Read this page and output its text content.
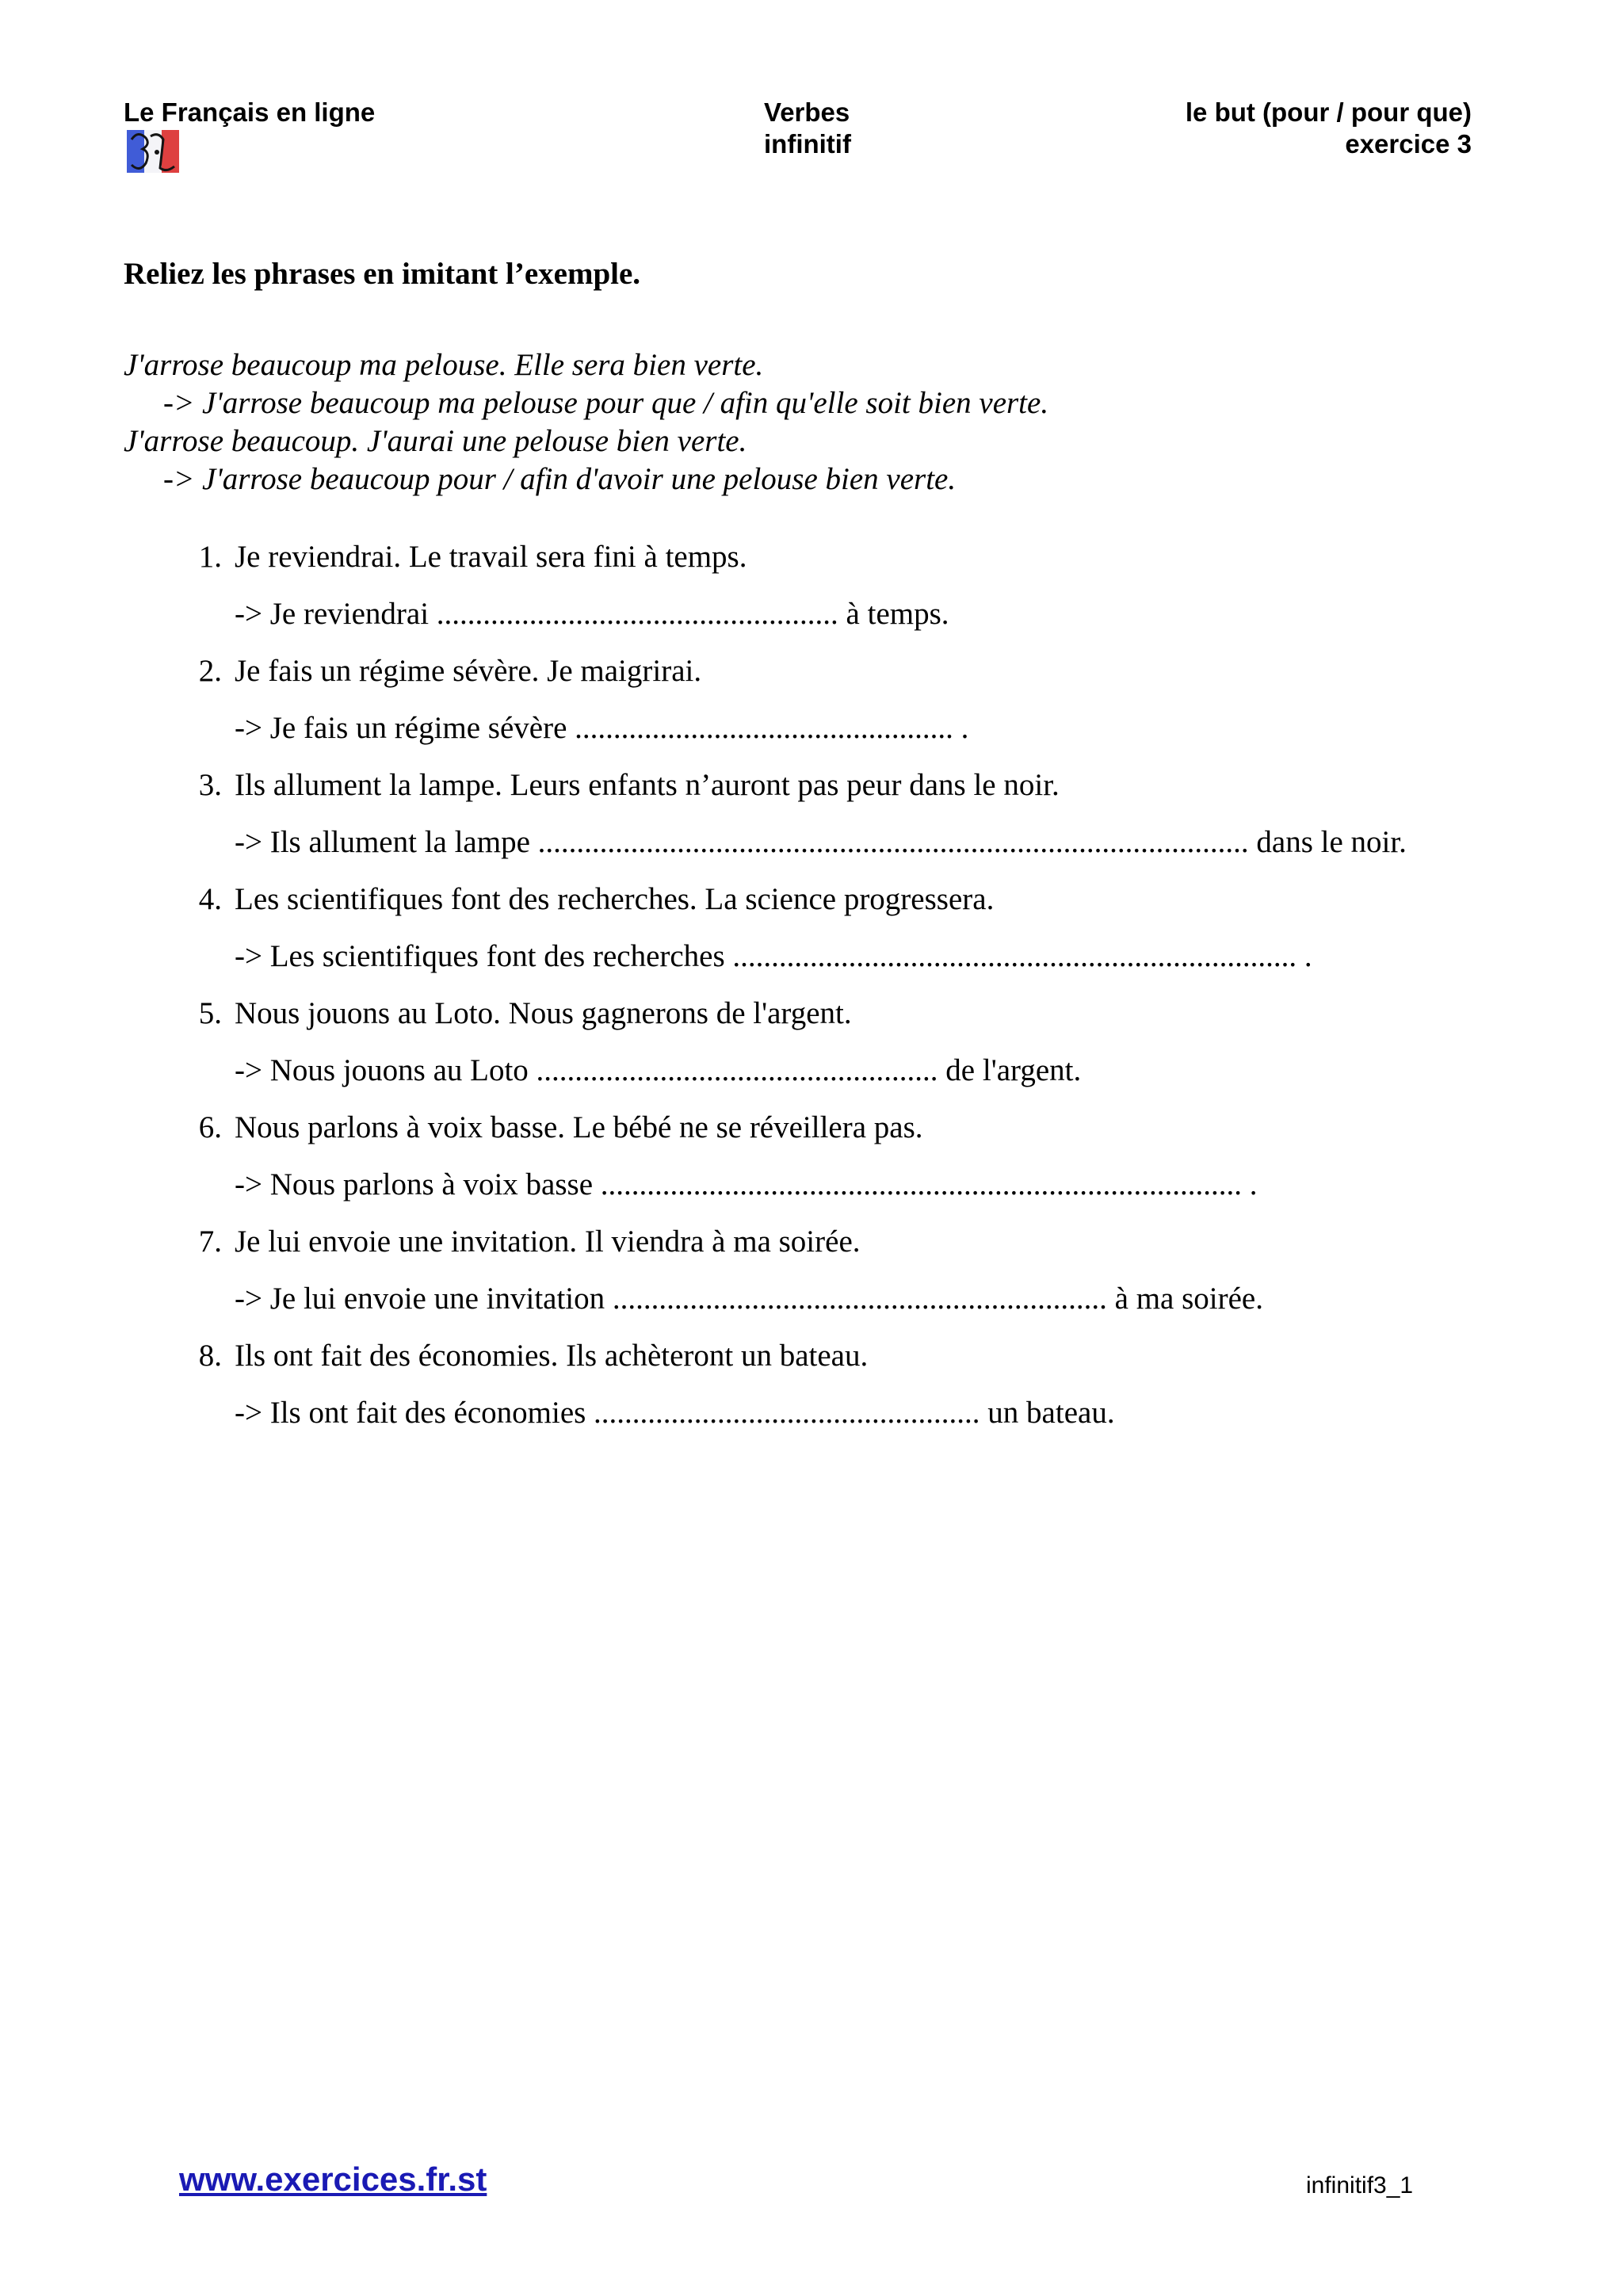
Le Français en ligne	Verbes
infinitif
le but (pour / pour que)
exercice 3
Reliez les phrases en imitant l’exemple.
J'arrose beaucoup ma pelouse. Elle sera bien verte.
-> J'arrose beaucoup ma pelouse pour que / afin qu'elle soit bien verte.
J'arrose beaucoup. J'aurai une pelouse bien verte.
-> J'arrose beaucoup pour / afin d'avoir une pelouse bien verte.
1. Je reviendrai. Le travail sera fini à temps.
-> Je reviendrai .................................................... à temps.
2. Je fais un régime sévère. Je maigrirai.
-> Je fais un régime sévère ................................................. .
3. Ils allument la lampe. Leurs enfants n’auront pas peur dans le noir.
-> Ils allument la lampe ............................................................................................ dans le noir.
4. Les scientifiques font des recherches. La science progressera.
-> Les scientifiques font des recherches ......................................................................... .
5. Nous jouons au Loto. Nous gagnerons de l'argent.
-> Nous jouons au Loto .................................................... de l'argent.
6. Nous parlons à voix basse. Le bébé ne se réveillera pas.
-> Nous parlons à voix basse ................................................................................... .
7. Je lui envoie une invitation. Il viendra à ma soirée.
-> Je lui envoie une invitation ................................................................ à ma soirée.
8. Ils ont fait des économies. Ils achèteront un bateau.
-> Ils ont fait des économies .................................................. un bateau.
www.exercices.fr.st	infinitif3_1
